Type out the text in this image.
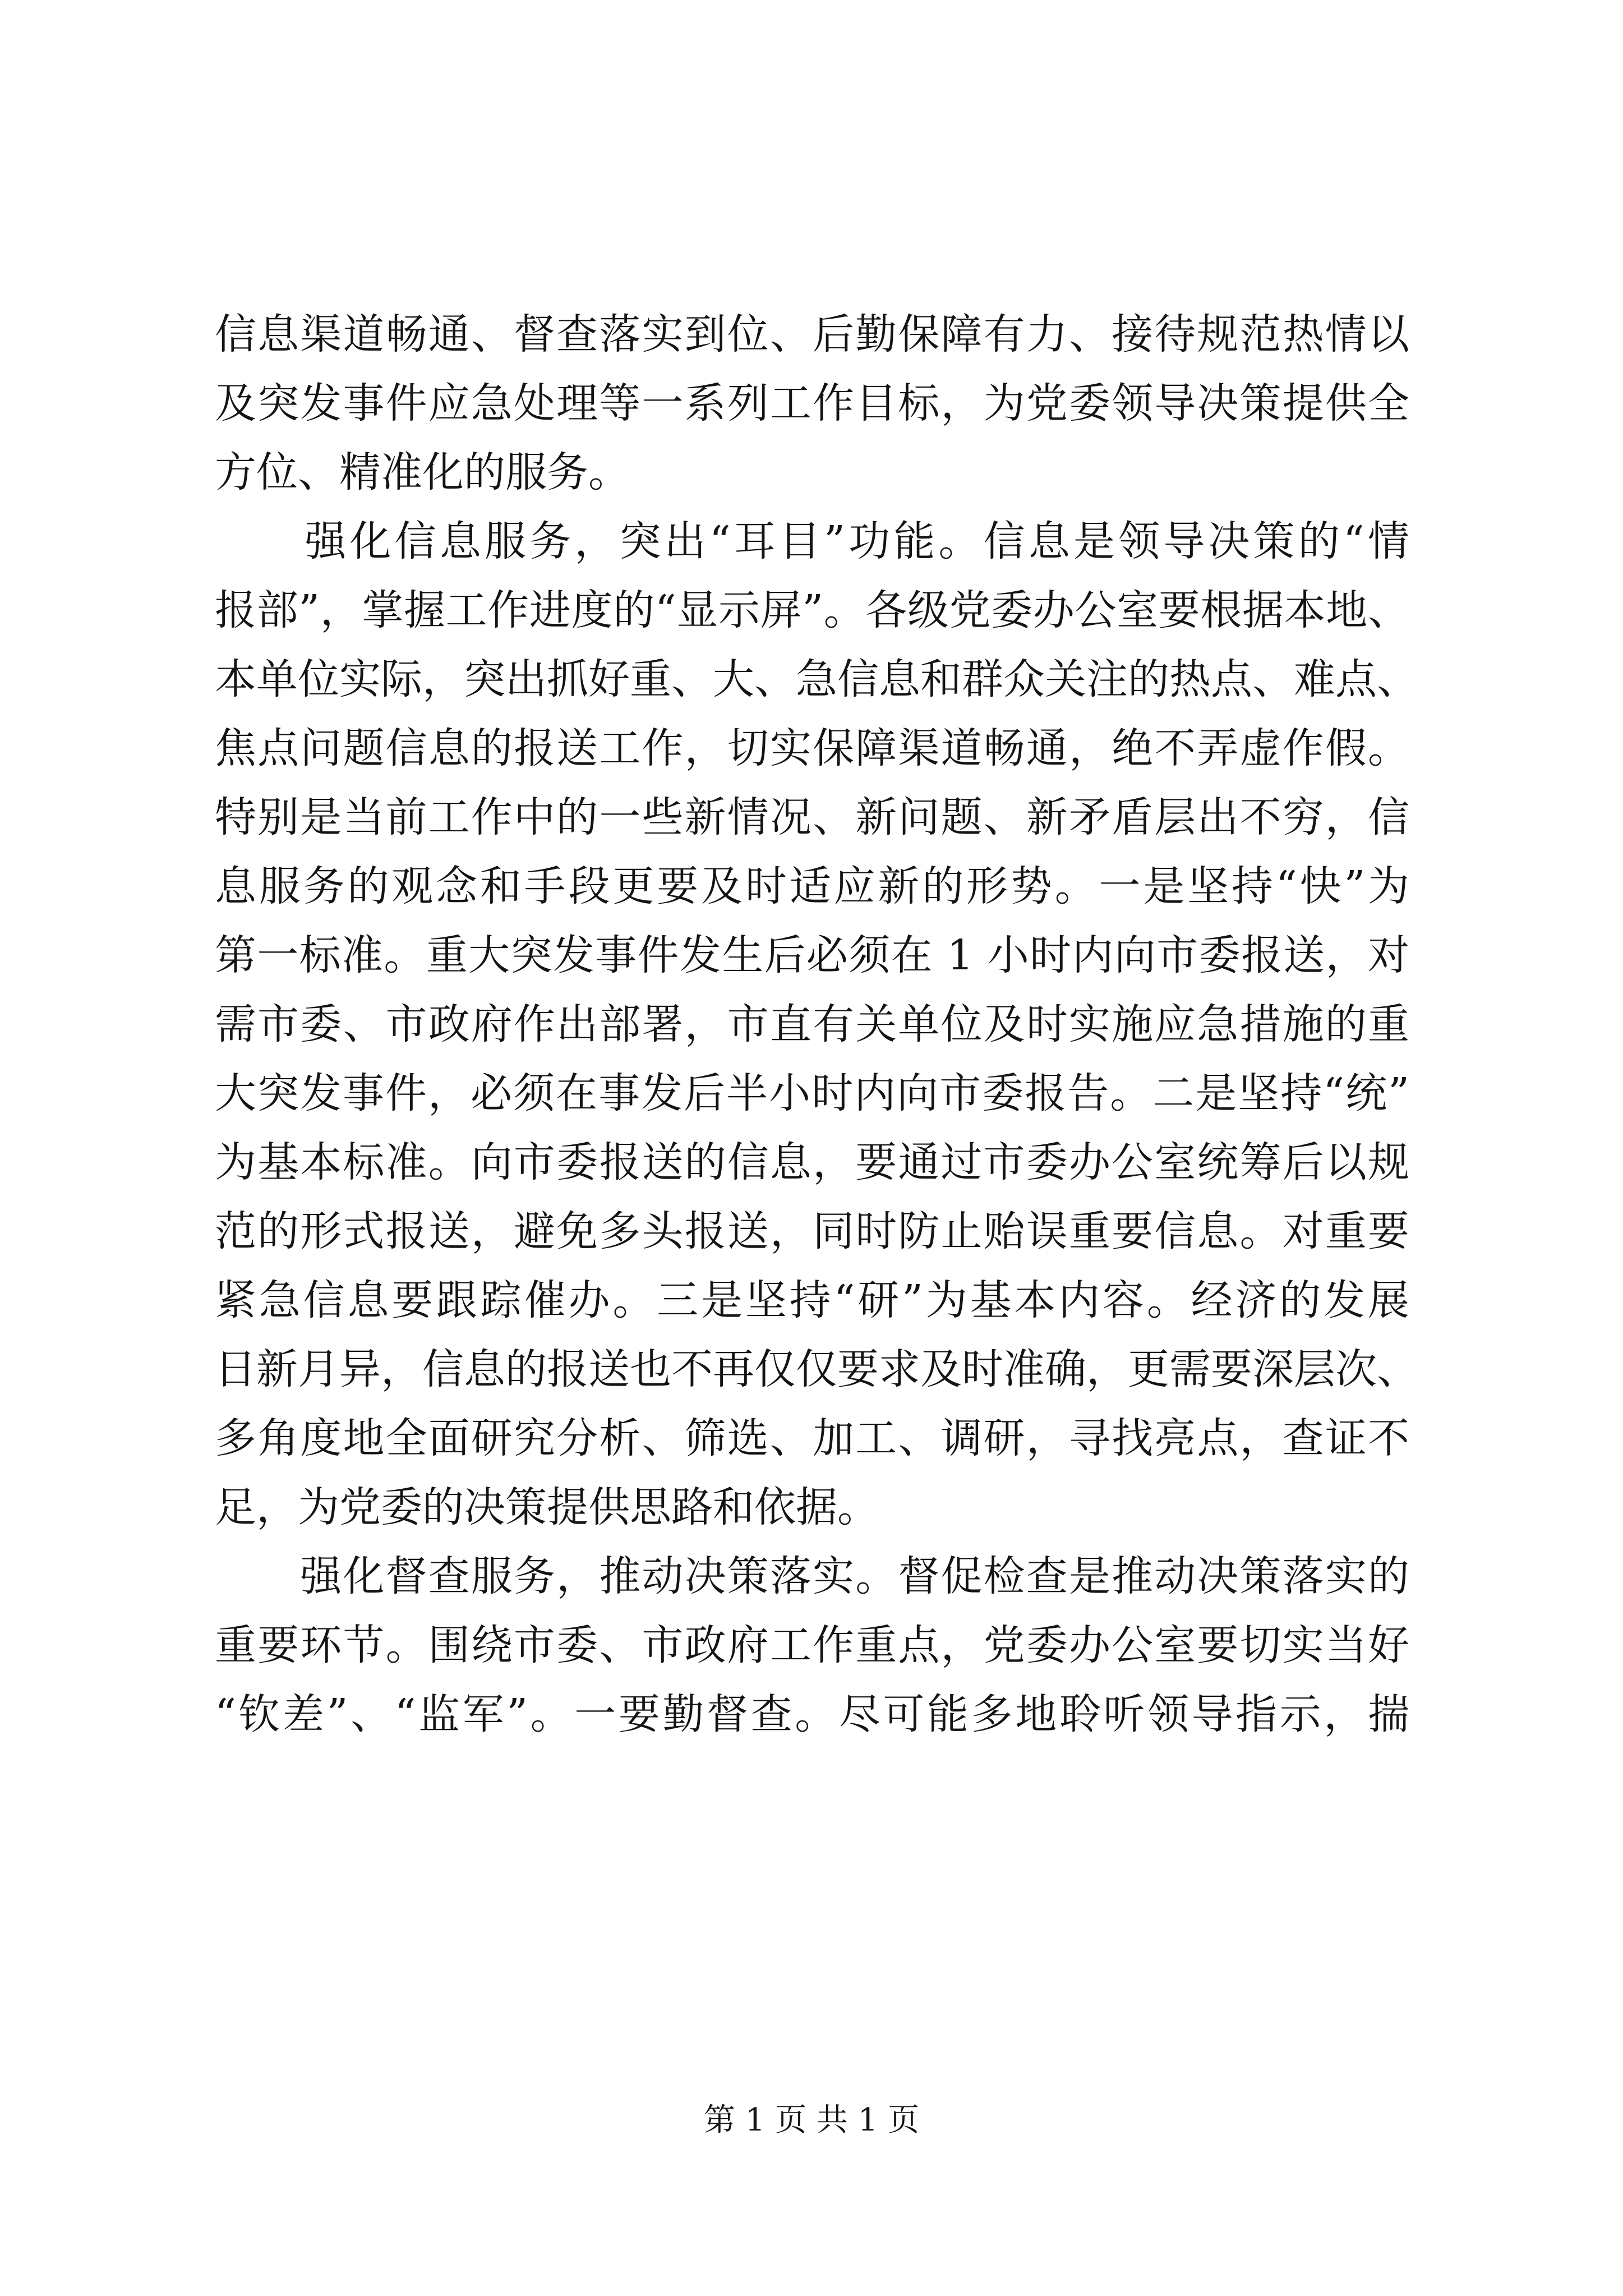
信息渠道畅通、督查落实到位、后勤保障有力、接待规范热情以
及突发事件应急处理等一系列工作目标，为党委领导决策提供全
方位、精准化的服务。
　　强化信息服务，突出“耳目”功能。信息是领导决策的“情
报部”，掌握工作进度的“显示屏”。各级党委办公室要根据本地、
本单位实际，突出抓好重、大、急信息和群众关注的热点、难点、
焦点问题信息的报送工作，切实保障渠道畅通，绝不弄虚作假。
特别是当前工作中的一些新情况、新问题、新矛盾层出不穷，信
息服务的观念和手段更要及时适应新的形势。一是坚持“快”为
第一标准。重大突发事件发生后必须在 1 小时内向市委报送，对
需市委、市政府作出部署，市直有关单位及时实施应急措施的重
大突发事件，必须在事发后半小时内向市委报告。二是坚持“统”
为基本标准。向市委报送的信息，要通过市委办公室统筹后以规
范的形式报送，避免多头报送，同时防止贻误重要信息。对重要
紧急信息要跟踪催办。三是坚持“研”为基本内容。经济的发展
日新月异，信息的报送也不再仅仅要求及时准确，更需要深层次、
多角度地全面研究分析、筛选、加工、调研，寻找亮点，查证不
足，为党委的决策提供思路和依据。
　　强化督查服务，推动决策落实。督促检查是推动决策落实的
重要环节。围绕市委、市政府工作重点，党委办公室要切实当好
“钦差”、“监军”。一要勤督查。尽可能多地聆听领导指示，揣
第 1 页 共 1 页
